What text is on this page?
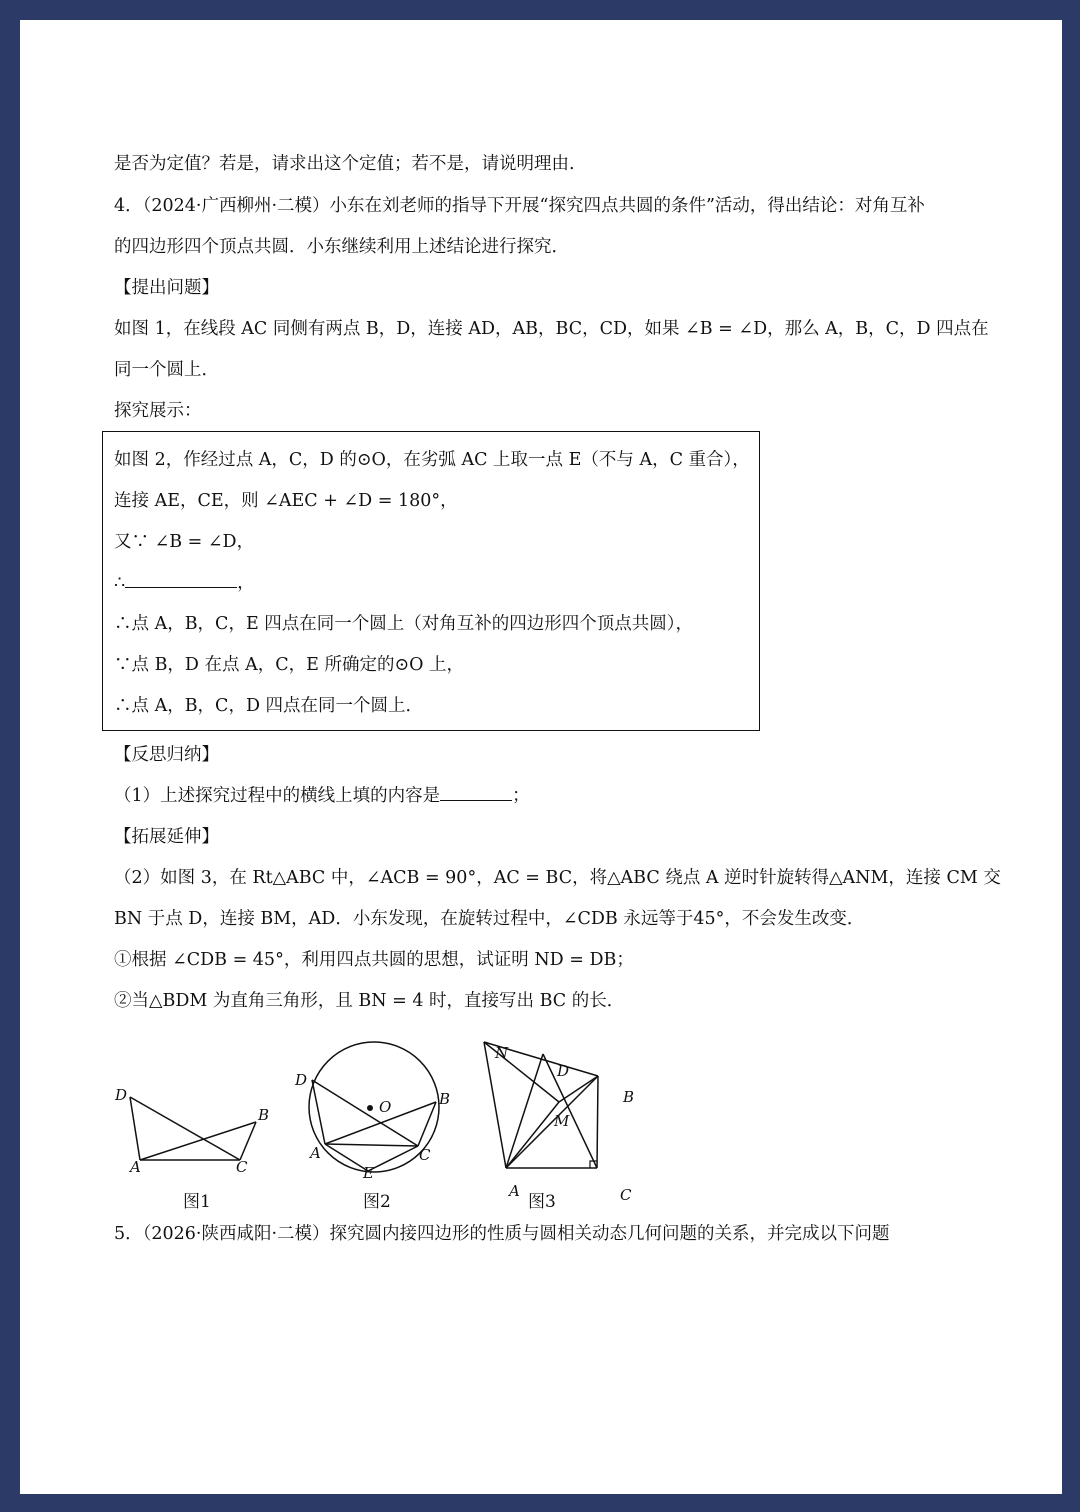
是否为定值？若是，请求出这个定值；若不是，请说明理由.
4．（2024·广西柳州·二模）小东在刘老师的指导下开展“探究四点共圆的条件”活动，得出结论：对角互补
的四边形四个顶点共圆．小东继续利用上述结论进行探究．
【提出问题】
如图 1，在线段 AC 同侧有两点 B，D，连接 AD，AB，BC，CD，如果 ∠B = ∠D，那么 A，B，C，D 四点在
同一个圆上．
探究展示：
如图 2，作经过点 A，C，D 的⊙O，在劣弧 AC 上取一点 E（不与 A，C 重合），
连接 AE，CE，则 ∠AEC + ∠D = 180°，
又∵ ∠B = ∠D，
∴	，
∴点 A，B，C，E 四点在同一个圆上（对角互补的四边形四个顶点共圆），
∵点 B，D 在点 A，C，E 所确定的⊙O 上，
∴点 A，B，C，D 四点在同一个圆上．
【反思归纳】
（1）上述探究过程中的横线上填的内容是	；
【拓展延伸】
（2）如图 3，在 Rt△ABC 中，∠ACB = 90°，AC = BC，将△ABC 绕点 A 逆时针旋转得△ANM，连接 CM 交
BN 于点 D，连接 BM，AD．小东发现，在旋转过程中，∠CDB 永远等于45°，不会发生改变．
①根据 ∠CDB = 45°，利用四点共圆的思想，试证明 ND = DB；
②当△BDM 为直角三角形，且 BN = 4 时，直接写出 BC 的长．
D
B
A	C
图1
D
O	B
A
E
C
图2
N
D
B
M
A	C
图3
5．（2026·陕西咸阳·二模）探究圆内接四边形的性质与圆相关动态几何问题的关系，并完成以下问题
